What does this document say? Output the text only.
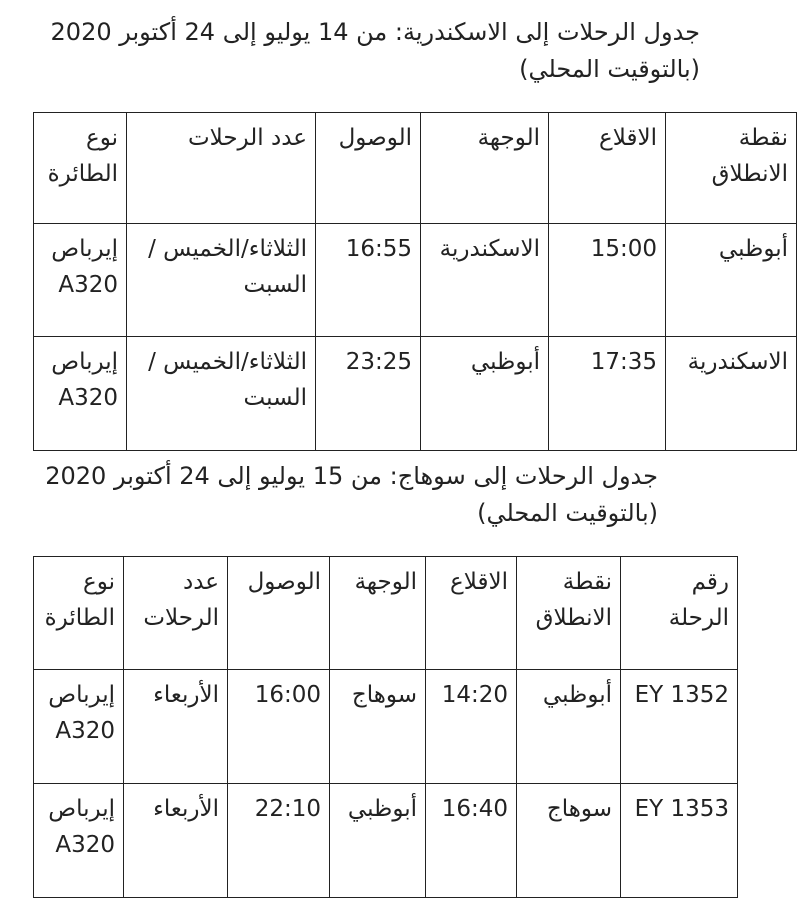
جدول الرحلات إلى الاسكندرية: من 14 يوليو إلى 24 أكتوبر 2020
(بالتوقيت المحلي)
نقطة الانطلاق	الاقلاع	الوجهة	الوصول	عدد الرحلات	نوع الطائرة
أبوظبي	15:00	الاسكندرية	16:55	الثلاثاء/الخميس /السبت	إيرباص
A320
الاسكندرية	17:35	أبوظبي	23:25	الثلاثاء/الخميس /السبت	إيرباص
A320
جدول الرحلات إلى سوهاج: من 15 يوليو إلى 24 أكتوبر 2020
(بالتوقيت المحلي)
رقم الرحلة	نقطة الانطلاق	الاقلاع	الوجهة	الوصول	عدد الرحلات	نوع الطائرة
EY 1352	أبوظبي	14:20	سوهاج	16:00	الأربعاء	إيرباص
A320
EY 1353	سوهاج	16:40	أبوظبي	22:10	الأربعاء	إيرباص
A320
